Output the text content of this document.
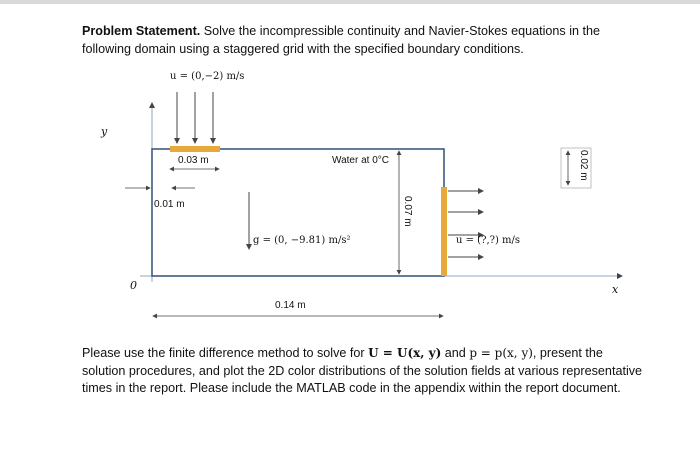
Problem Statement. Solve the incompressible continuity and Navier-Stokes equations in the following domain using a staggered grid with the specified boundary conditions.
u = (0,−2) m/s
0.03 m
0.01 m
Water at 0°C
g = (0, −9.81) m/s²
0.07 m
0.02 m
u = (?,?) m/s
0.14 m
y
x
0
Please use the finite difference method to solve for U = U(x, y) and p = p(x, y), present the solution procedures, and plot the 2D color distributions of the solution fields at various representative times in the report. Please include the MATLAB code in the appendix within the report document.
